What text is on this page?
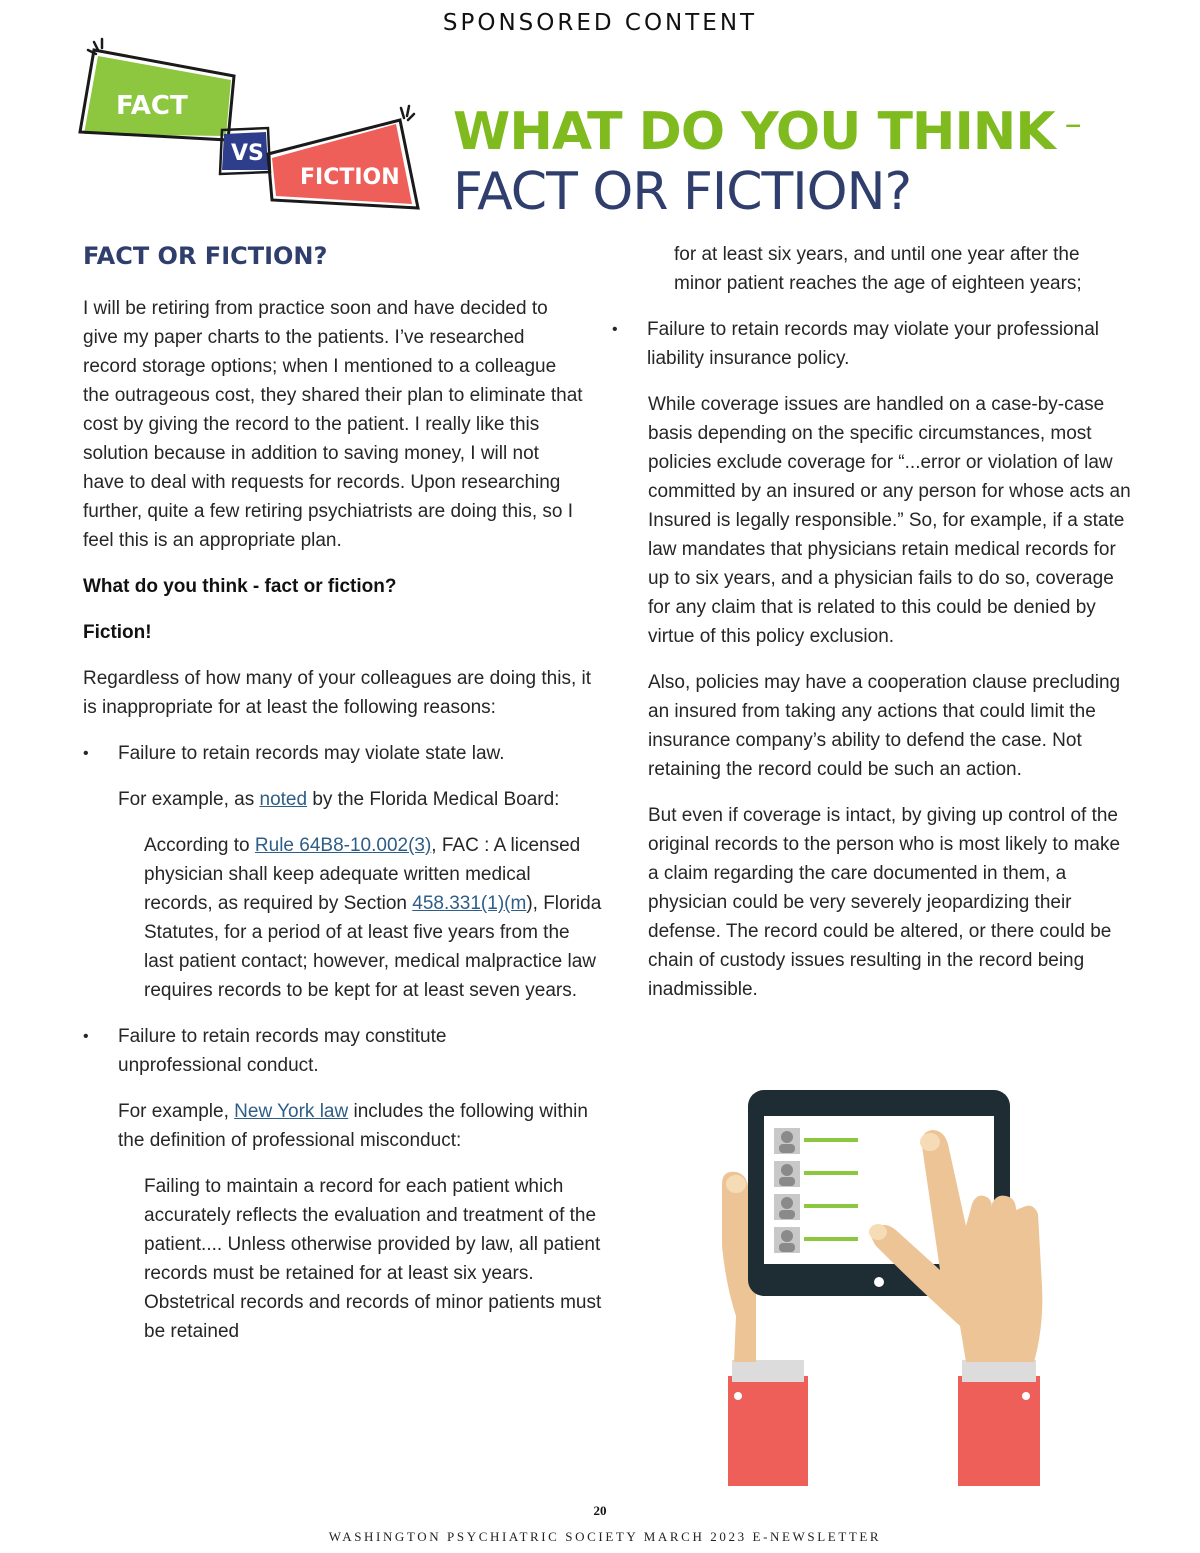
SPONSORED CONTENT
FACT
VS
FICTION
WHAT DO YOU THINK –
FACT OR FICTION?
FACT OR FICTION?

I will be retiring from practice soon and have decided to give my paper charts to the patients. I’ve researched record storage options; when I mentioned to a colleague the outrageous cost, they shared their plan to eliminate that cost by giving the record to the patient. I really like this solution because in addition to saving money, I will not have to deal with requests for records. Upon researching further, quite a few retiring psychiatrists are doing this, so I feel this is an appropriate plan.

What do you think - fact or fiction?

Fiction!

Regardless of how many of your colleagues are doing this, it is inappropriate for at least the following reasons:

• Failure to retain records may violate state law.

For example, as noted by the Florida Medical Board:

According to Rule 64B8-10.002(3), FAC : A licensed physician shall keep adequate written medical records, as required by Section 458.331(1)(m), Florida Statutes, for a period of at least five years from the last patient contact; however, medical malpractice law requires records to be kept for at least seven years.

• Failure to retain records may constitute unprofessional conduct.

For example, New York law includes the following within the definition of professional misconduct:

Failing to maintain a record for each patient which accurately reflects the evaluation and treatment of the patient.... Unless otherwise provided by law, all patient records must be retained for at least six years. Obstetrical records and records of minor patients must be retained

for at least six years, and until one year after the minor patient reaches the age of eighteen years;
• Failure to retain records may violate your professional liability insurance policy.

While coverage issues are handled on a case-by-case basis depending on the specific circumstances, most policies exclude coverage for “...error or violation of law committed by an insured or any person for whose acts an Insured is legally responsible.” So, for example, if a state law mandates that physicians retain medical records for up to six years, and a physician fails to do so, coverage for any claim that is related to this could be denied by virtue of this policy exclusion.

Also, policies may have a cooperation clause precluding an insured from taking any actions that could limit the insurance company’s ability to defend the case. Not retaining the record could be such an action.

But even if coverage is intact, by giving up control of the original records to the person who is most likely to make a claim regarding the care documented in them, a physician could be very severely jeopardizing their defense. The record could be altered, or there could be chain of custody issues resulting in the record being inadmissible.

20
WASHINGTON PSYCHIATRIC SOCIETY MARCH 2023 E-NEWSLETTER
